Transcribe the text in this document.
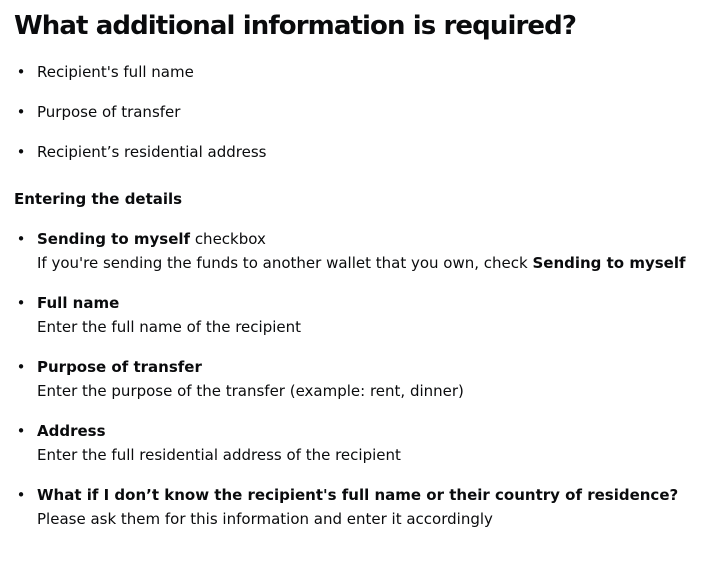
What additional information is required?
• Recipient's full name
• Purpose of transfer
• Recipient’s residential address
Entering the details
• Sending to myself checkbox
If you're sending the funds to another wallet that you own, check Sending to myself
• Full name
Enter the full name of the recipient
• Purpose of transfer
Enter the purpose of the transfer (example: rent, dinner)
• Address
Enter the full residential address of the recipient
• What if I don’t know the recipient's full name or their country of residence?
Please ask them for this information and enter it accordingly
